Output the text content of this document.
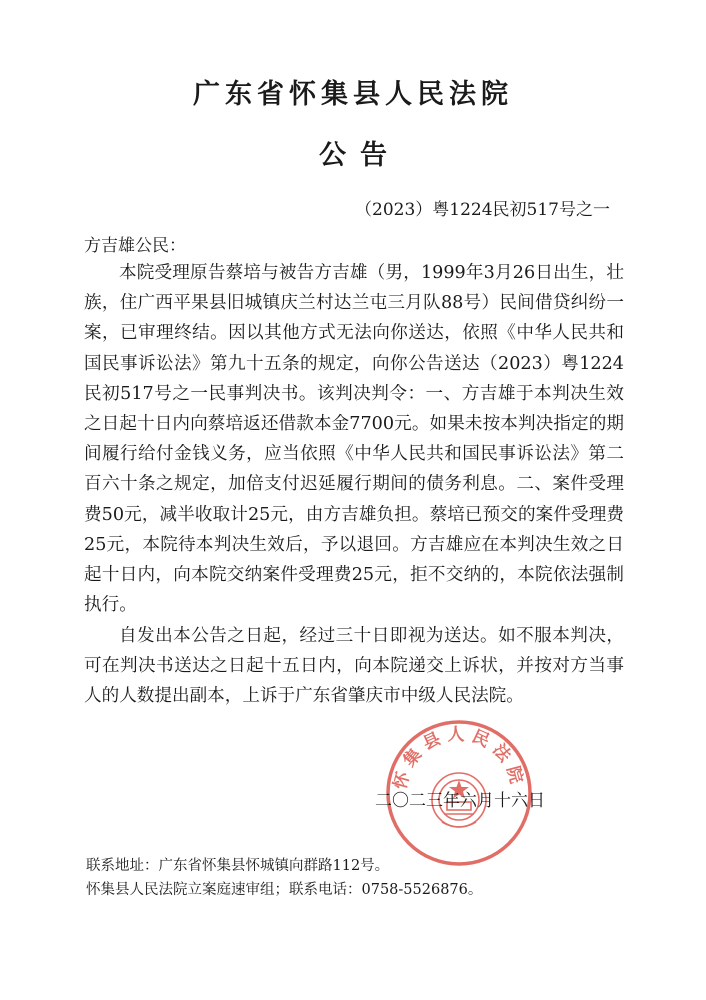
广东省怀集县人民法院
公告
（2023）粤1224民初517号之一
方吉雄公民：

本院受理原告蔡培与被告方吉雄（男，1999年3月26日出生，壮族，住广西平果县旧城镇庆兰村达兰屯三月队88号）民间借贷纠纷一案，已审理终结。因以其他方式无法向你送达，依照《中华人民共和国民事诉讼法》第九十五条的规定，向你公告送达（2023）粤1224民初517号之一民事判决书。该判决判令：一、方吉雄于本判决生效之日起十日内向蔡培返还借款本金7700元。如果未按本判决指定的期间履行给付金钱义务，应当依照《中华人民共和国民事诉讼法》第二百六十条之规定，加倍支付迟延履行期间的债务利息。二、案件受理费50元，减半收取计25元，由方吉雄负担。蔡培已预交的案件受理费25元，本院待本判决生效后，予以退回。方吉雄应在本判决生效之日起十日内，向本院交纳案件受理费25元，拒不交纳的，本院依法强制执行。

自发出本公告之日起，经过三十日即视为送达。如不服本判决，可在判决书送达之日起十五日内，向本院递交上诉状，并按对方当事人的人数提出副本，上诉于广东省肇庆市中级人民法院。

怀集县人民法院
二〇二三年六月十六日
联系地址：广东省怀集县怀城镇向群路112号。
怀集县人民法院立案庭速审组；联系电话：0758-5526876。
